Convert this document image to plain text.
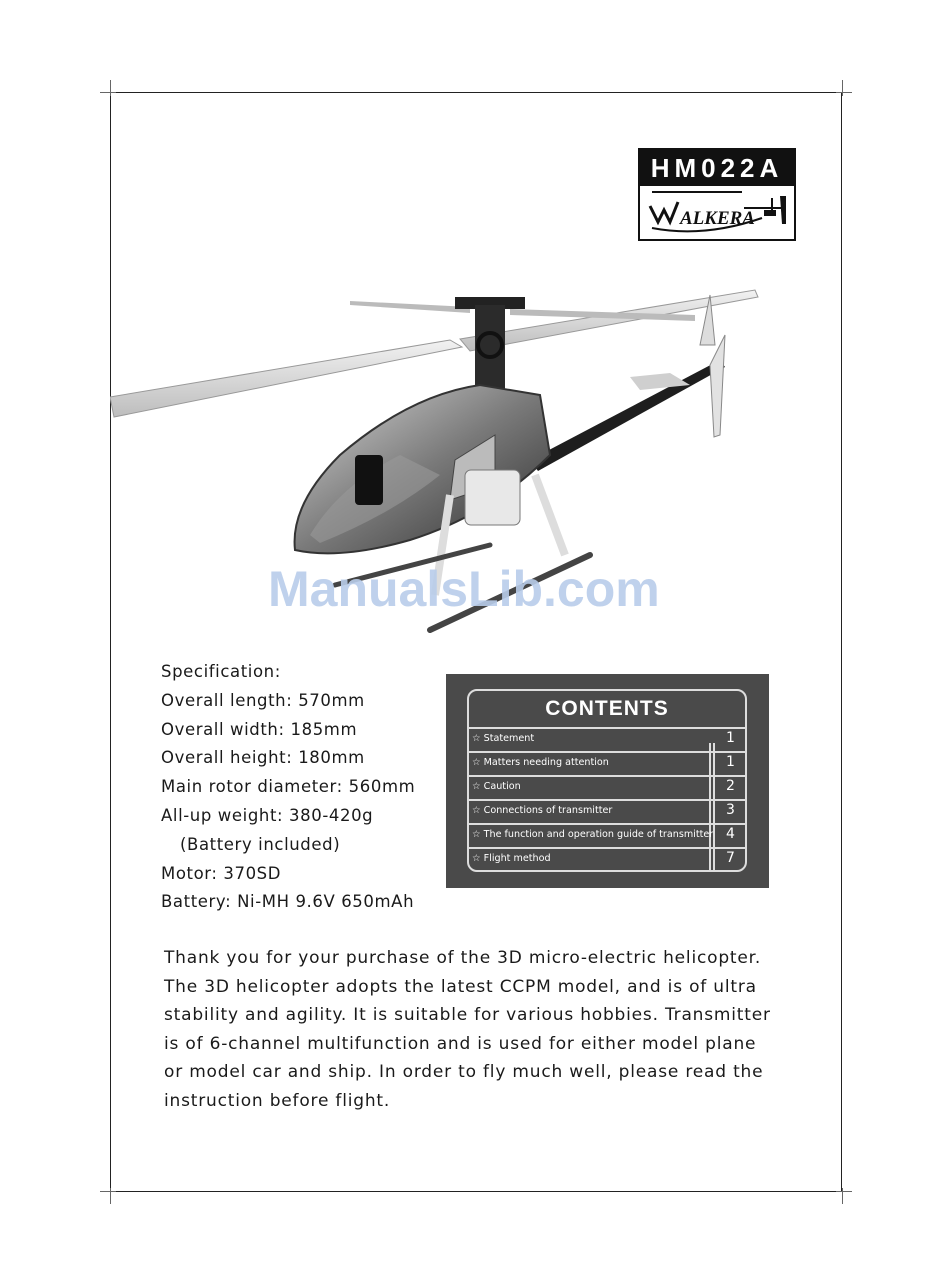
HM022A
ALKERA
ManualsLib.com
Specification:
Overall length: 570mm
Overall width: 185mm
Overall height: 180mm
Main rotor diameter: 560mm
All-up weight: 380-420g
(Battery included)
Motor: 370SD
Battery: Ni-MH 9.6V 650mAh
CONTENTS
☆ Statement	1
☆ Matters needing attention	1
☆ Caution	2
☆ Connections of transmitter	3
☆ The function and operation guide of transmitter 4
☆ Flight method	7
Thank you for your purchase of the 3D micro-electric helicopter.
The 3D helicopter adopts the latest CCPM model, and is of ultra
stability and agility. It is suitable for various hobbies. Transmitter
is of 6-channel multifunction and is used for either model plane
or model car and ship. In order to fly much well, please read the
instruction before flight.
